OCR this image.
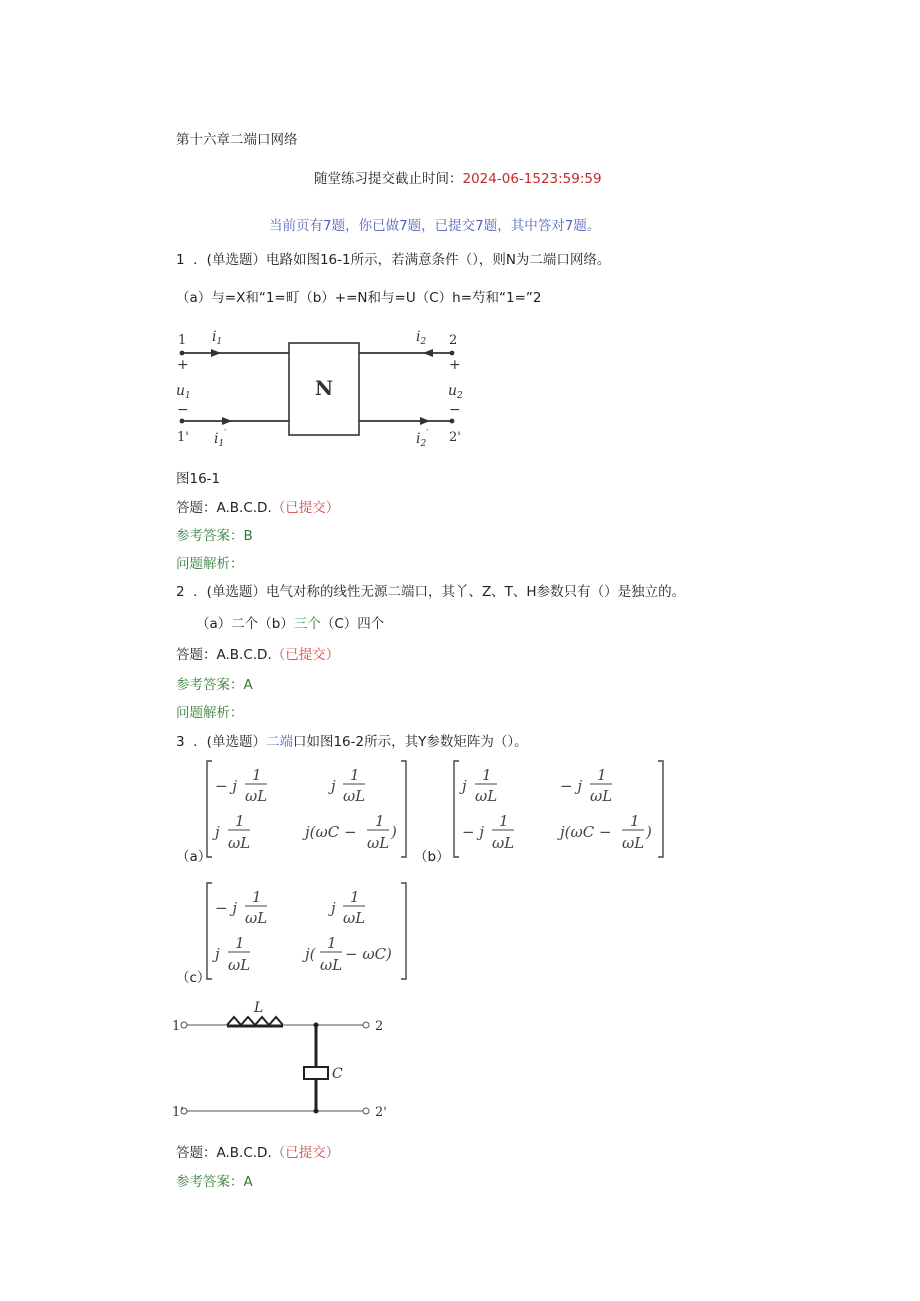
第十六章二端口网络
随堂练习提交截止时间：2024-06-1523:59:59
当前页有7题，你已做7题，已提交7题，其中答对7题。
1  ．(单选题）电路如图16-1所示，若满意条件（），则N为二端口网络。
（a）与=X和“1=町（b）+=N和与=U（C）h=芍和“1=”2
N
1
+
$u_1$
−
1'
$i_1$
$i_1'$
$i_2$
$i_2'$
2
+
$u_2$
−
2'
图16-1
答题：A.B.C.D.（已提交）
参考答案：B
问题解析：
2  ．(单选题）电气对称的线性无源二端口，其丫、Z、T、H参数只有（）是独立的。
（a）二个（b）三个（C）四个
答题：A.B.C.D.（已提交）
参考答案：A
问题解析：
3  ．(单选题）二端口如图16-2所示，其Y参数矩阵为（）。
（a）
− j
1
ωL
j
1
ωL
j
1
ωL
j(ωC −
1
ωL
)
（b）
j
1
ωL
− j
1
ωL
− j
1
ωL
j(ωC −
1
ωL
)
（c）
− j
1
ωL
j
1
ωL
j
1
ωL
j(
1
ωL
− ωC)
L
C
1
1'
2
2'
答题：A.B.C.D.（已提交）
参考答案：A
